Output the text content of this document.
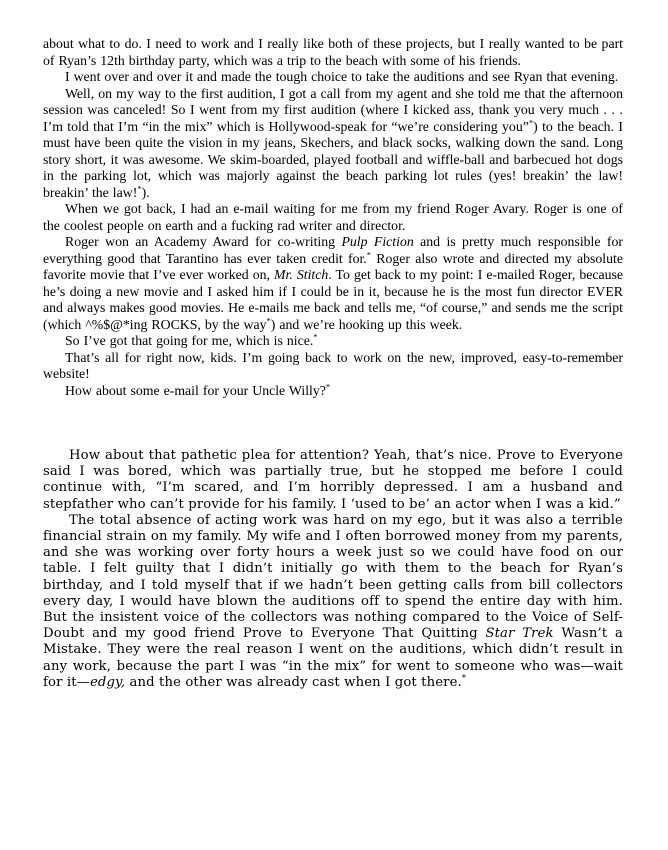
about what to do. I need to work and I really like both of these projects, but I really wanted to be part of Ryan’s 12th birthday party, which was a trip to the beach with some of his friends.

I went over and over it and made the tough choice to take the auditions and see Ryan that evening.

Well, on my way to the first audition, I got a call from my agent and she told me that the afternoon session was canceled! So I went from my first audition (where I kicked ass, thank you very much . . . I’m told that I’m “in the mix” which is Hollywood-speak for “we’re considering you”*) to the beach. I must have been quite the vision in my jeans, Skechers, and black socks, walking down the sand. Long story short, it was awesome. We skim-boarded, played football and wiffle-ball and barbecued hot dogs in the parking lot, which was majorly against the beach parking lot rules (yes! breakin’ the law! breakin’ the law!*).

When we got back, I had an e-mail waiting for me from my friend Roger Avary. Roger is one of the coolest people on earth and a fucking rad writer and director.

Roger won an Academy Award for co-writing Pulp Fiction and is pretty much responsible for everything good that Tarantino has ever taken credit for.* Roger also wrote and directed my absolute favorite movie that I’ve ever worked on, Mr. Stitch. To get back to my point: I e-mailed Roger, because he’s doing a new movie and I asked him if I could be in it, because he is the most fun director EVER and always makes good movies. He e-mails me back and tells me, “of course,” and sends me the script (which ^%$@*ing ROCKS, by the way*) and we’re hooking up this week.

So I’ve got that going for me, which is nice.*

That’s all for right now, kids. I’m going back to work on the new, improved, easy-to-remember website!

How about some e-mail for your Uncle Willy?*

How about that pathetic plea for attention? Yeah, that’s nice. Prove to Everyone said I was bored, which was partially true, but he stopped me before I could continue with, “I’m scared, and I’m horribly depressed. I am a husband and stepfather who can’t provide for his family. I ‘used to be’ an actor when I was a kid.”

The total absence of acting work was hard on my ego, but it was also a terrible financial strain on my family. My wife and I often borrowed money from my parents, and she was working over forty hours a week just so we could have food on our table. I felt guilty that I didn’t initially go with them to the beach for Ryan’s birthday, and I told myself that if we hadn’t been getting calls from bill collectors every day, I would have blown the auditions off to spend the entire day with him. But the insistent voice of the collectors was nothing compared to the Voice of Self-Doubt and my good friend Prove to Everyone That Quitting Star Trek Wasn’t a Mistake. They were the real reason I went on the auditions, which didn’t result in any work, because the part I was “in the mix” for went to someone who was—wait for it—edgy, and the other was already cast when I got there.*
